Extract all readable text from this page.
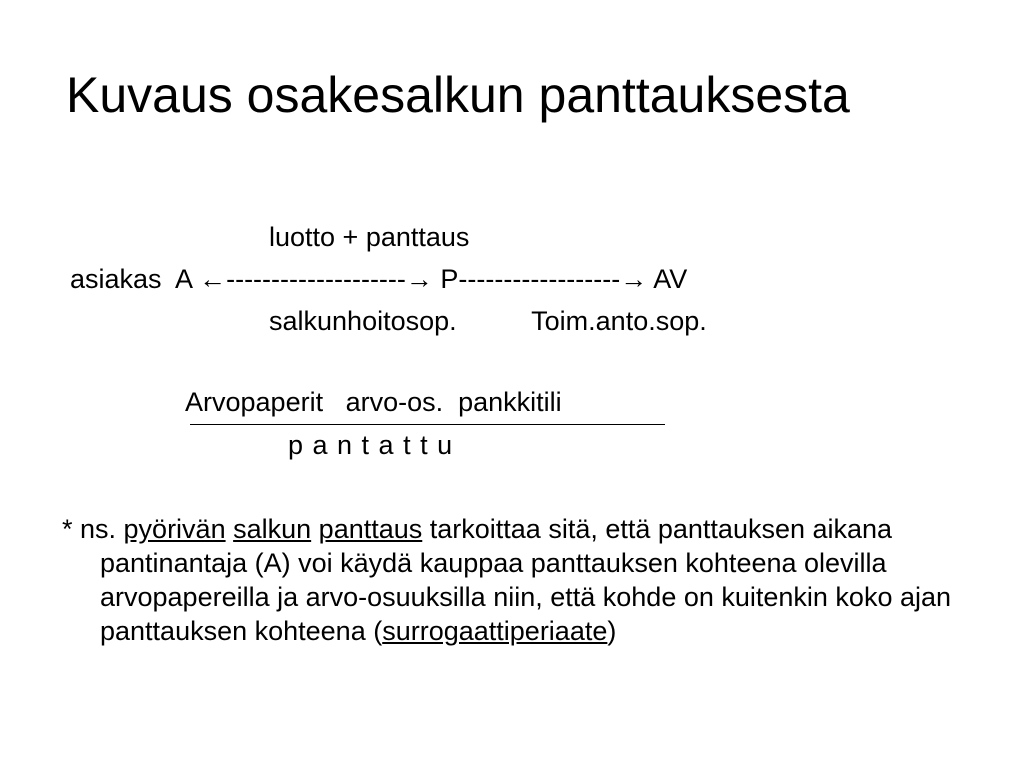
Kuvaus osakesalkun panttauksesta
luotto + panttaus
asiakas  A ←--------------------→ P------------------→ AV
salkunhoitosop.          Toim.anto.sop.
Arvopaperit   arvo-os.  pankkitili
p a n t a t t u
* ns. pyörivän salkun panttaus tarkoittaa sitä, että panttauksen aikana pantinantaja (A) voi käydä kauppaa panttauksen kohteena olevilla arvopapereilla ja arvo-osuuksilla niin, että kohde on kuitenkin koko ajan panttauksen kohteena (surrogaattiperiaate)
